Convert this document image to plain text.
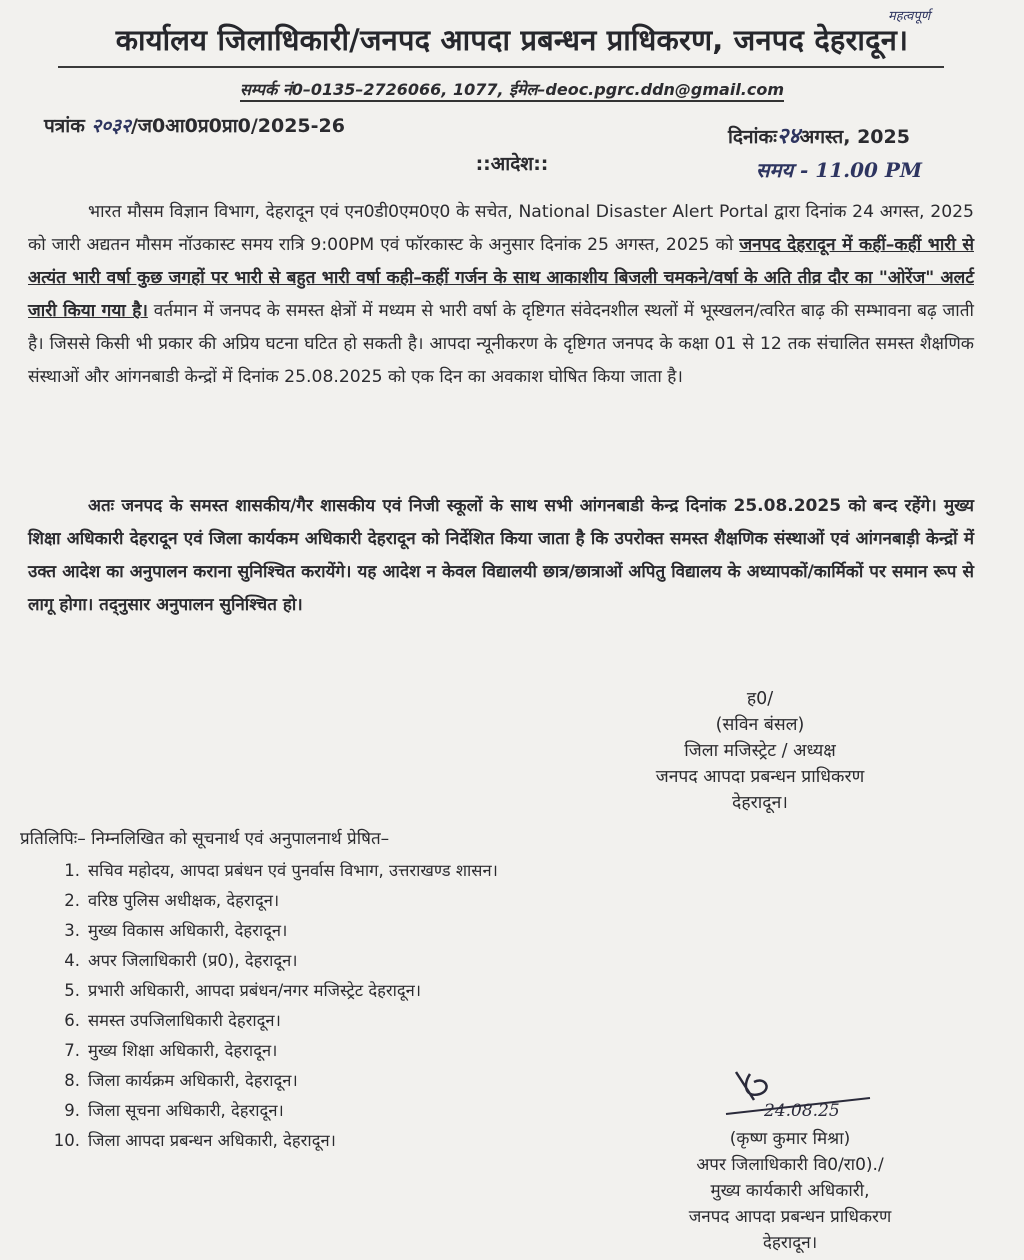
महत्वपूर्ण
कार्यालय जिलाधिकारी/जनपद आपदा प्रबन्धन प्राधिकरण, जनपद देहरादून।
सम्पर्क नं0–0135–2726066, 1077, ईमेल–deoc.pgrc.ddn@gmail.com
पत्रांक २०३२/ज0आ0प्र0प्रा0/2025-26	दिनांकः२४अगस्त, 2025
समय - 11.00 PM
::आदेश::

भारत मौसम विज्ञान विभाग, देहरादून एवं एन0डी0एम0ए0 के सचेत, National Disaster Alert Portal द्वारा दिनांक 24 अगस्त, 2025 को जारी अद्यतन मौसम नॉउकास्ट समय रात्रि 9:00PM एवं फॉरकास्ट के अनुसार दिनांक 25 अगस्त, 2025 को जनपद देहरादून में कहीं–कहीं भारी से अत्यंत भारी वर्षा कुछ जगहों पर भारी से बहुत भारी वर्षा कही–कहीं गर्जन के साथ आकाशीय बिजली चमकने/वर्षा के अति तीव्र दौर का "ओरेंज" अलर्ट जारी किया गया है। वर्तमान में जनपद के समस्त क्षेत्रों में मध्यम से भारी वर्षा के दृष्टिगत संवेदनशील स्थलों में भूस्खलन/त्वरित बाढ़ की सम्भावना बढ़ जाती है। जिससे किसी भी प्रकार की अप्रिय घटना घटित हो सकती है। आपदा न्यूनीकरण के दृष्टिगत जनपद के कक्षा 01 से 12 तक संचालित समस्त शैक्षणिक संस्थाओं और आंगनबाडी केन्द्रों में दिनांक 25.08.2025 को एक दिन का अवकाश घोषित किया जाता है।

अतः जनपद के समस्त शासकीय/गैर शासकीय एवं निजी स्कूलों के साथ सभी आंगनबाडी केन्द्र दिनांक 25.08.2025 को बन्द रहेंगे। मुख्य शिक्षा अधिकारी देहरादून एवं जिला कार्यकम अधिकारी देहरादून को निर्देशित किया जाता है कि उपरोक्त समस्त शैक्षणिक संस्थाओं एवं आंगनबाड़ी केन्द्रों में उक्त आदेश का अनुपालन कराना सुनिश्चित करायेंगे। यह आदेश न केवल विद्यालयी छात्र/छात्राओं अपितु विद्यालय के अध्यापकों/कार्मिकों पर समान रूप से लागू होगा। तद्नुसार अनुपालन सुनिश्चित हो।

ह0/
(सविन बंसल)
जिला मजिस्ट्रेट / अध्यक्ष
जनपद आपदा प्रबन्धन प्राधिकरण
देहरादून।
प्रतिलिपिः– निम्नलिखित को सूचनार्थ एवं अनुपालनार्थ प्रेषित–
1. सचिव महोदय, आपदा प्रबंधन एवं पुनर्वास विभाग, उत्तराखण्ड शासन।
2. वरिष्ठ पुलिस अधीक्षक, देहरादून।
3. मुख्य विकास अधिकारी, देहरादून।
4. अपर जिलाधिकारी (प्र0), देहरादून।
5. प्रभारी अधिकारी, आपदा प्रबंधन/नगर मजिस्ट्रेट देहरादून।
6. समस्त उपजिलाधिकारी देहरादून।
7. मुख्य शिक्षा अधिकारी, देहरादून।
8. जिला कार्यक्रम अधिकारी, देहरादून।
9. जिला सूचना अधिकारी, देहरादून।
10. जिला आपदा प्रबन्धन अधिकारी, देहरादून।
24.08.25
(कृष्ण कुमार मिश्रा)
अपर जिलाधिकारी वि0/रा0)./
मुख्य कार्यकारी अधिकारी,
जनपद आपदा प्रबन्धन प्राधिकरण
देहरादून।
